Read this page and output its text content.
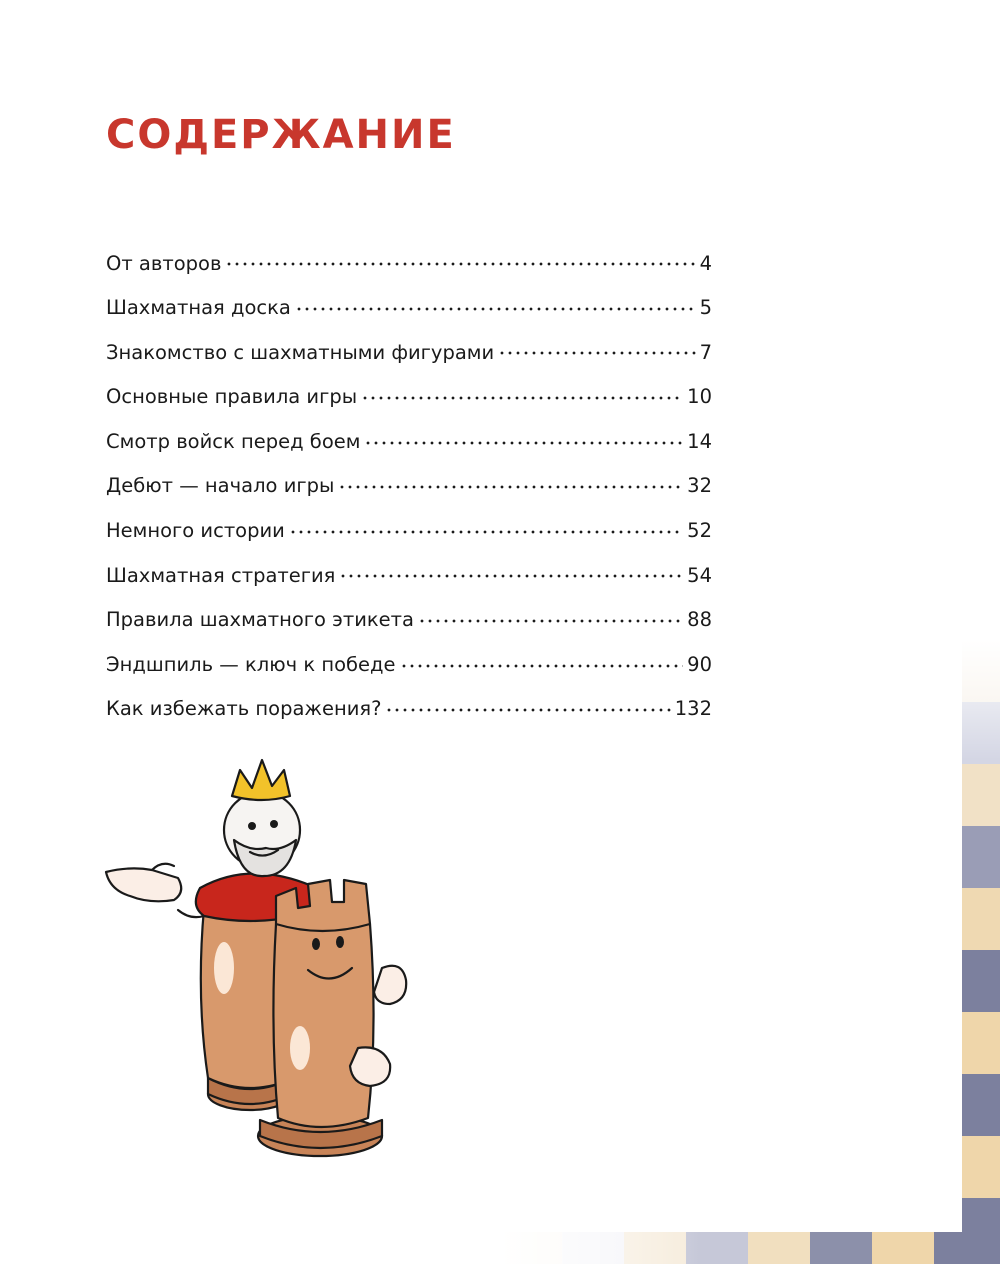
СОДЕРЖАНИЕ
От авторов	4
Шахматная доска	5
Знакомство с шахматными фигурами	7
Основные правила игры	10
Смотр войск перед боем	14
Дебют — начало игры	32
Немного истории	52
Шахматная стратегия	54
Правила шахматного этикета	88
Эндшпиль — ключ к победе	90
Как избежать поражения?	132
